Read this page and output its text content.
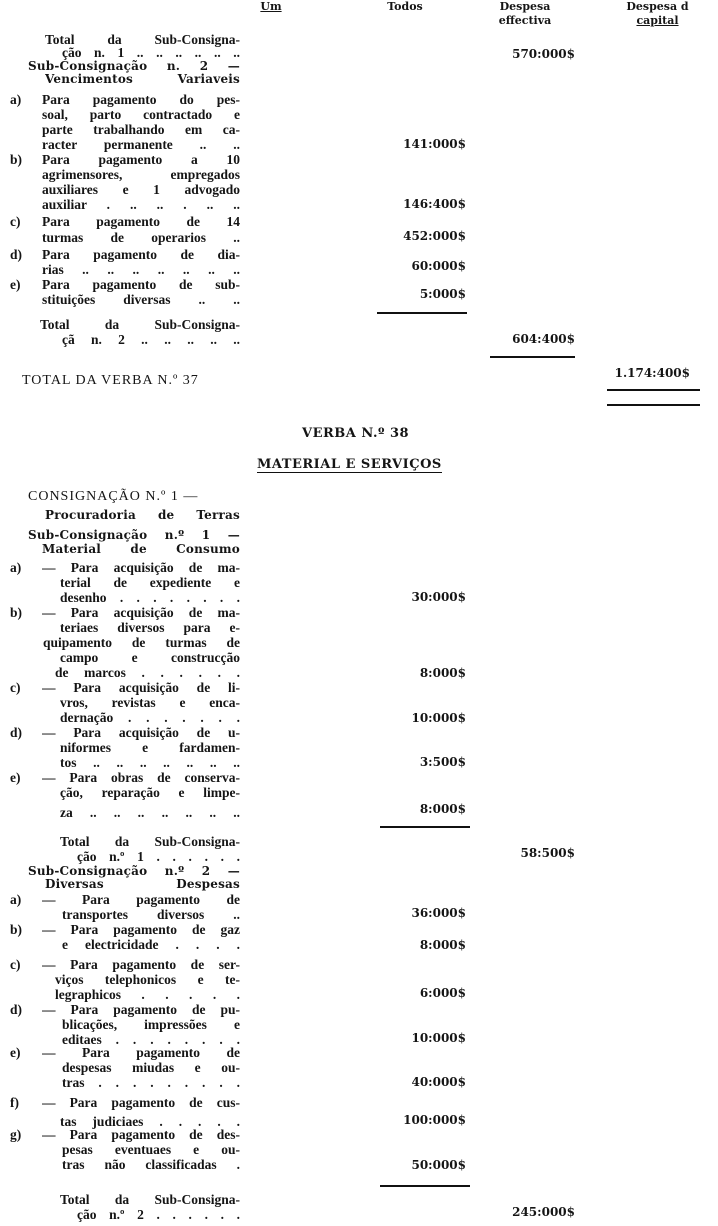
Um	Todos	Despesa
effectiva
Despesa d
capital
VERBA N.º 38
MATERIAL E SERVIÇOS
Total da Sub-Consigna-
ção n. 1 .. .. .. .. .. ..
Sub-Consignação n. 2 —
Vencimentos Variaveis
Para pagamento do pes-
a)
soal, parto contractado e
parte trabalhando em ca-
racter permanente .. ..
Para pagamento a 10
b)
agrimensores, empregados
auxiliares e 1 advogado
auxiliar . .. .. . .. ..
Para pagamento de 14
c)
turmas de operarios ..
Para pagamento de dia-
d)
rias .. .. .. .. .. .. ..
Para pagamento de sub-
e)
stituições diversas .. ..
Total da Sub-Consigna-
çã n. 2 .. .. .. .. ..
TOTAL DA VERBA N.º 37
CONSIGNAÇÃO N.º 1 —
Procuradoria de Terras
Sub-Consignação n.º 1 —
Material de Consumo
— Para acquisição de ma-
a)
terial de expediente e
desenho . . . . . . . .
— Para acquisição de ma-
b)
teriaes diversos para e-
quipamento de turmas de
campo e construcção
de marcos . . . . . .
— Para acquisição de li-
c)
vros, revistas e enca-
dernação . . . . . . .
— Para acquisição de u-
d)
niformes e fardamen-
tos .. .. .. .. .. .. ..
— Para obras de conserva-
e)
ção, reparação e limpe-
za .. .. .. .. .. .. ..
Total da Sub-Consigna-
ção n.º 1 . . . . . .
Sub-Consignação n.º 2 —
Diversas Despesas
— Para pagamento de
a)
transportes diversos ..
— Para pagamento de gaz
b)
e electricidade . . . .
— Para pagamento de ser-
c)
viços telephonicos e te-
legraphicos . . . . .
— Para pagamento de pu-
d)
blicações, impressões e
editaes . . . . . . . .
— Para pagamento de
e)
despesas miudas e ou-
tras . . . . . . . . .
— Para pagamento de cus-
f)
tas judiciaes . . . . .
— Para pagamento de des-
g)
pesas eventuaes e ou-
tras não classificadas .
Total da Sub-Consigna-
ção n.º 2 . . . . . .
570:000$
141:000$
146:400$
452:000$
60:000$
5:000$
604:400$
1.174:400$
30:000$
8:000$
10:000$
3:500$
8:000$
58:500$
36:000$
8:000$
6:000$
10:000$
40:000$
100:000$
50:000$
245:000$
